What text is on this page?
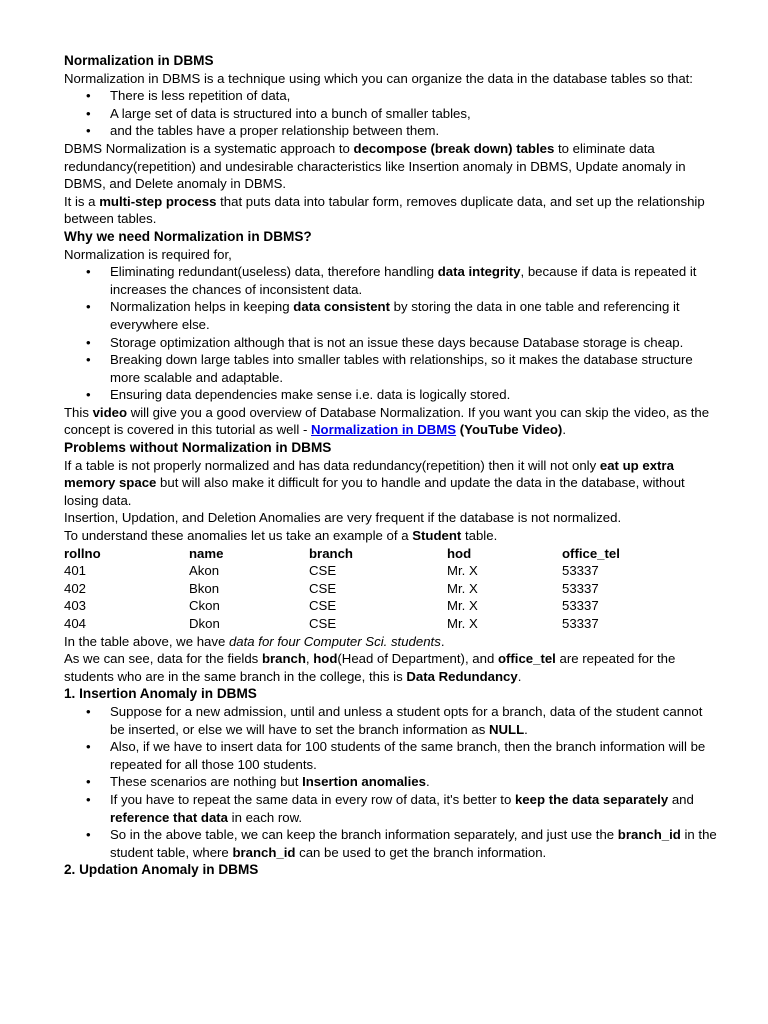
Normalization in DBMS

Normalization in DBMS is a technique using which you can organize the data in the database tables so that:

• There is less repetition of data,
• A large set of data is structured into a bunch of smaller tables,
• and the tables have a proper relationship between them.

DBMS Normalization is a systematic approach to decompose (break down) tables to eliminate data redundancy(repetition) and undesirable characteristics like Insertion anomaly in DBMS, Update anomaly in DBMS, and Delete anomaly in DBMS.

It is a multi-step process that puts data into tabular form, removes duplicate data, and set up the relationship between tables.

Why we need Normalization in DBMS?

Normalization is required for,

• Eliminating redundant(useless) data, therefore handling data integrity, because if data is repeated it increases the chances of inconsistent data.
• Normalization helps in keeping data consistent by storing the data in one table and referencing it everywhere else.
• Storage optimization although that is not an issue these days because Database storage is cheap.
• Breaking down large tables into smaller tables with relationships, so it makes the database structure more scalable and adaptable.
• Ensuring data dependencies make sense i.e. data is logically stored.

This video will give you a good overview of Database Normalization. If you want you can skip the video, as the concept is covered in this tutorial as well - Normalization in DBMS (YouTube Video).

Problems without Normalization in DBMS

If a table is not properly normalized and has data redundancy(repetition) then it will not only eat up extra memory space but will also make it difficult for you to handle and update the data in the database, without losing data.

Insertion, Updation, and Deletion Anomalies are very frequent if the database is not normalized.

To understand these anomalies let us take an example of a Student table.

rollno	name	branch	hod	office_tel
401	Akon	CSE	Mr. X	53337
402	Bkon	CSE	Mr. X	53337
403	Ckon	CSE	Mr. X	53337
404	Dkon	CSE	Mr. X	53337

In the table above, we have data for four Computer Sci. students.

As we can see, data for the fields branch, hod(Head of Department), and office_tel are repeated for the students who are in the same branch in the college, this is Data Redundancy.

1. Insertion Anomaly in DBMS
• Suppose for a new admission, until and unless a student opts for a branch, data of the student cannot be inserted, or else we will have to set the branch information as NULL.
• Also, if we have to insert data for 100 students of the same branch, then the branch information will be repeated for all those 100 students.
• These scenarios are nothing but Insertion anomalies.
• If you have to repeat the same data in every row of data, it's better to keep the data separately and reference that data in each row.
• So in the above table, we can keep the branch information separately, and just use the branch_id in the student table, where branch_id can be used to get the branch information.
2. Updation Anomaly in DBMS
